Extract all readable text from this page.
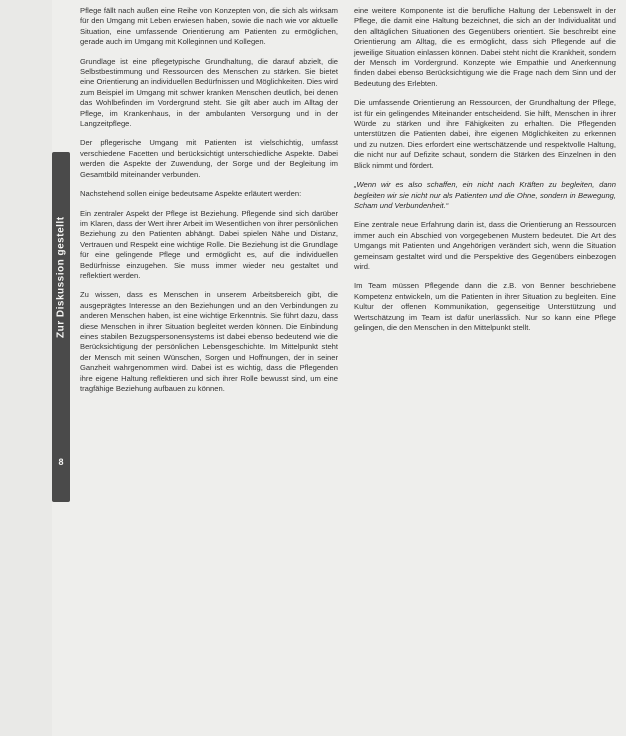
Zur Diskussion gestellt
8

Pflege fällt nach außen eine Reihe von Konzepten von, die sich als wirksam für den Umgang mit Leben erwiesen haben, sowie die nach wie vor aktuelle Situation, eine umfassende Orientierung am Patienten zu ermöglichen, gerade auch im Umgang mit Kolleginnen und Kollegen.

Grundlage ist eine pflegetypische Grundhaltung, die darauf abzielt, die Selbstbestimmung und Ressourcen des Menschen zu stärken. Sie bietet eine Orientierung an individuellen Bedürfnissen und Möglichkeiten. Dies wird zum Beispiel im Umgang mit schwer kranken Menschen deutlich, bei denen das Wohlbefinden im Vordergrund steht. Sie gilt aber auch im Alltag der Pflege, im Krankenhaus, in der ambulanten Versorgung und in der Langzeitpflege.

Der pflegerische Umgang mit Patienten ist vielschichtig, umfasst verschiedene Facetten und berücksichtigt unterschiedliche Aspekte. Dabei werden die Aspekte der Zuwendung, der Sorge und der Begleitung im Gesamtbild miteinander verbunden.

Nachstehend sollen einige bedeutsame Aspekte erläutert werden:

Ein zentraler Aspekt der Pflege ist Beziehung. Pflegende sind sich darüber im Klaren, dass der Wert ihrer Arbeit im Wesentlichen von ihrer persönlichen Beziehung zu den Patienten abhängt. Dabei spielen Nähe und Distanz, Vertrauen und Respekt eine wichtige Rolle. Die Beziehung ist die Grundlage für eine gelingende Pflege und ermöglicht es, auf die individuellen Bedürfnisse einzugehen. Sie muss immer wieder neu gestaltet und reflektiert werden.

Zu wissen, dass es Menschen in unserem Arbeitsbereich gibt, die ausgeprägtes Interesse an den Beziehungen und an den Verbindungen zu anderen Menschen haben, ist eine wichtige Erkenntnis. Sie führt dazu, dass diese Menschen in ihrer Situation begleitet werden können. Die Einbindung eines stabilen Bezugspersonensystems ist dabei ebenso bedeutend wie die Berücksichtigung der persönlichen Lebensgeschichte. Im Mittelpunkt steht der Mensch mit seinen Wünschen, Sorgen und Hoffnungen, der in seiner Ganzheit wahrgenommen wird. Dabei ist es wichtig, dass die Pflegenden ihre eigene Haltung reflektieren und sich ihrer Rolle bewusst sind, um eine tragfähige Beziehung aufbauen zu können.

eine weitere Komponente ist die berufliche Haltung der Lebenswelt in der Pflege, die damit eine Haltung bezeichnet, die sich an der Individualität und den alltäglichen Situationen des Gegenübers orientiert. Sie beschreibt eine Orientierung am Alltag, die es ermöglicht, dass sich Pflegende auf die jeweilige Situation einlassen können. Dabei steht nicht die Krankheit, sondern der Mensch im Vordergrund. Konzepte wie Empathie und Anerkennung finden dabei ebenso Berücksichtigung wie die Frage nach dem Sinn und der Bedeutung des Erlebten.

Die umfassende Orientierung an Ressourcen, der Grundhaltung der Pflege, ist für ein gelingendes Miteinander entscheidend. Sie hilft, Menschen in ihrer Würde zu stärken und ihre Fähigkeiten zu erhalten. Die Pflegenden unterstützen die Patienten dabei, ihre eigenen Möglichkeiten zu erkennen und zu nutzen. Dies erfordert eine wertschätzende und respektvolle Haltung, die nicht nur auf Defizite schaut, sondern die Stärken des Einzelnen in den Blick nimmt und fördert.

„Wenn wir es also schaffen, ein nicht nach Kräften zu begleiten, dann begleiten wir sie nicht nur als Patienten und die Ohne, sondern in Bewegung, Scham und Verbundenheit.“

Eine zentrale neue Erfahrung darin ist, dass die Orientierung an Ressourcen immer auch ein Abschied von vorgegebenen Mustern bedeutet. Die Art des Umgangs mit Patienten und Angehörigen verändert sich, wenn die Situation gemeinsam gestaltet wird und die Perspektive des Gegenübers einbezogen wird.

Im Team müssen Pflegende dann die z.B. von Benner beschriebene Kompetenz entwickeln, um die Patienten in ihrer Situation zu begleiten. Eine Kultur der offenen Kommunikation, gegenseitige Unterstützung und Wertschätzung im Team ist dafür unerlässlich. Nur so kann eine Pflege gelingen, die den Menschen in den Mittelpunkt stellt.
